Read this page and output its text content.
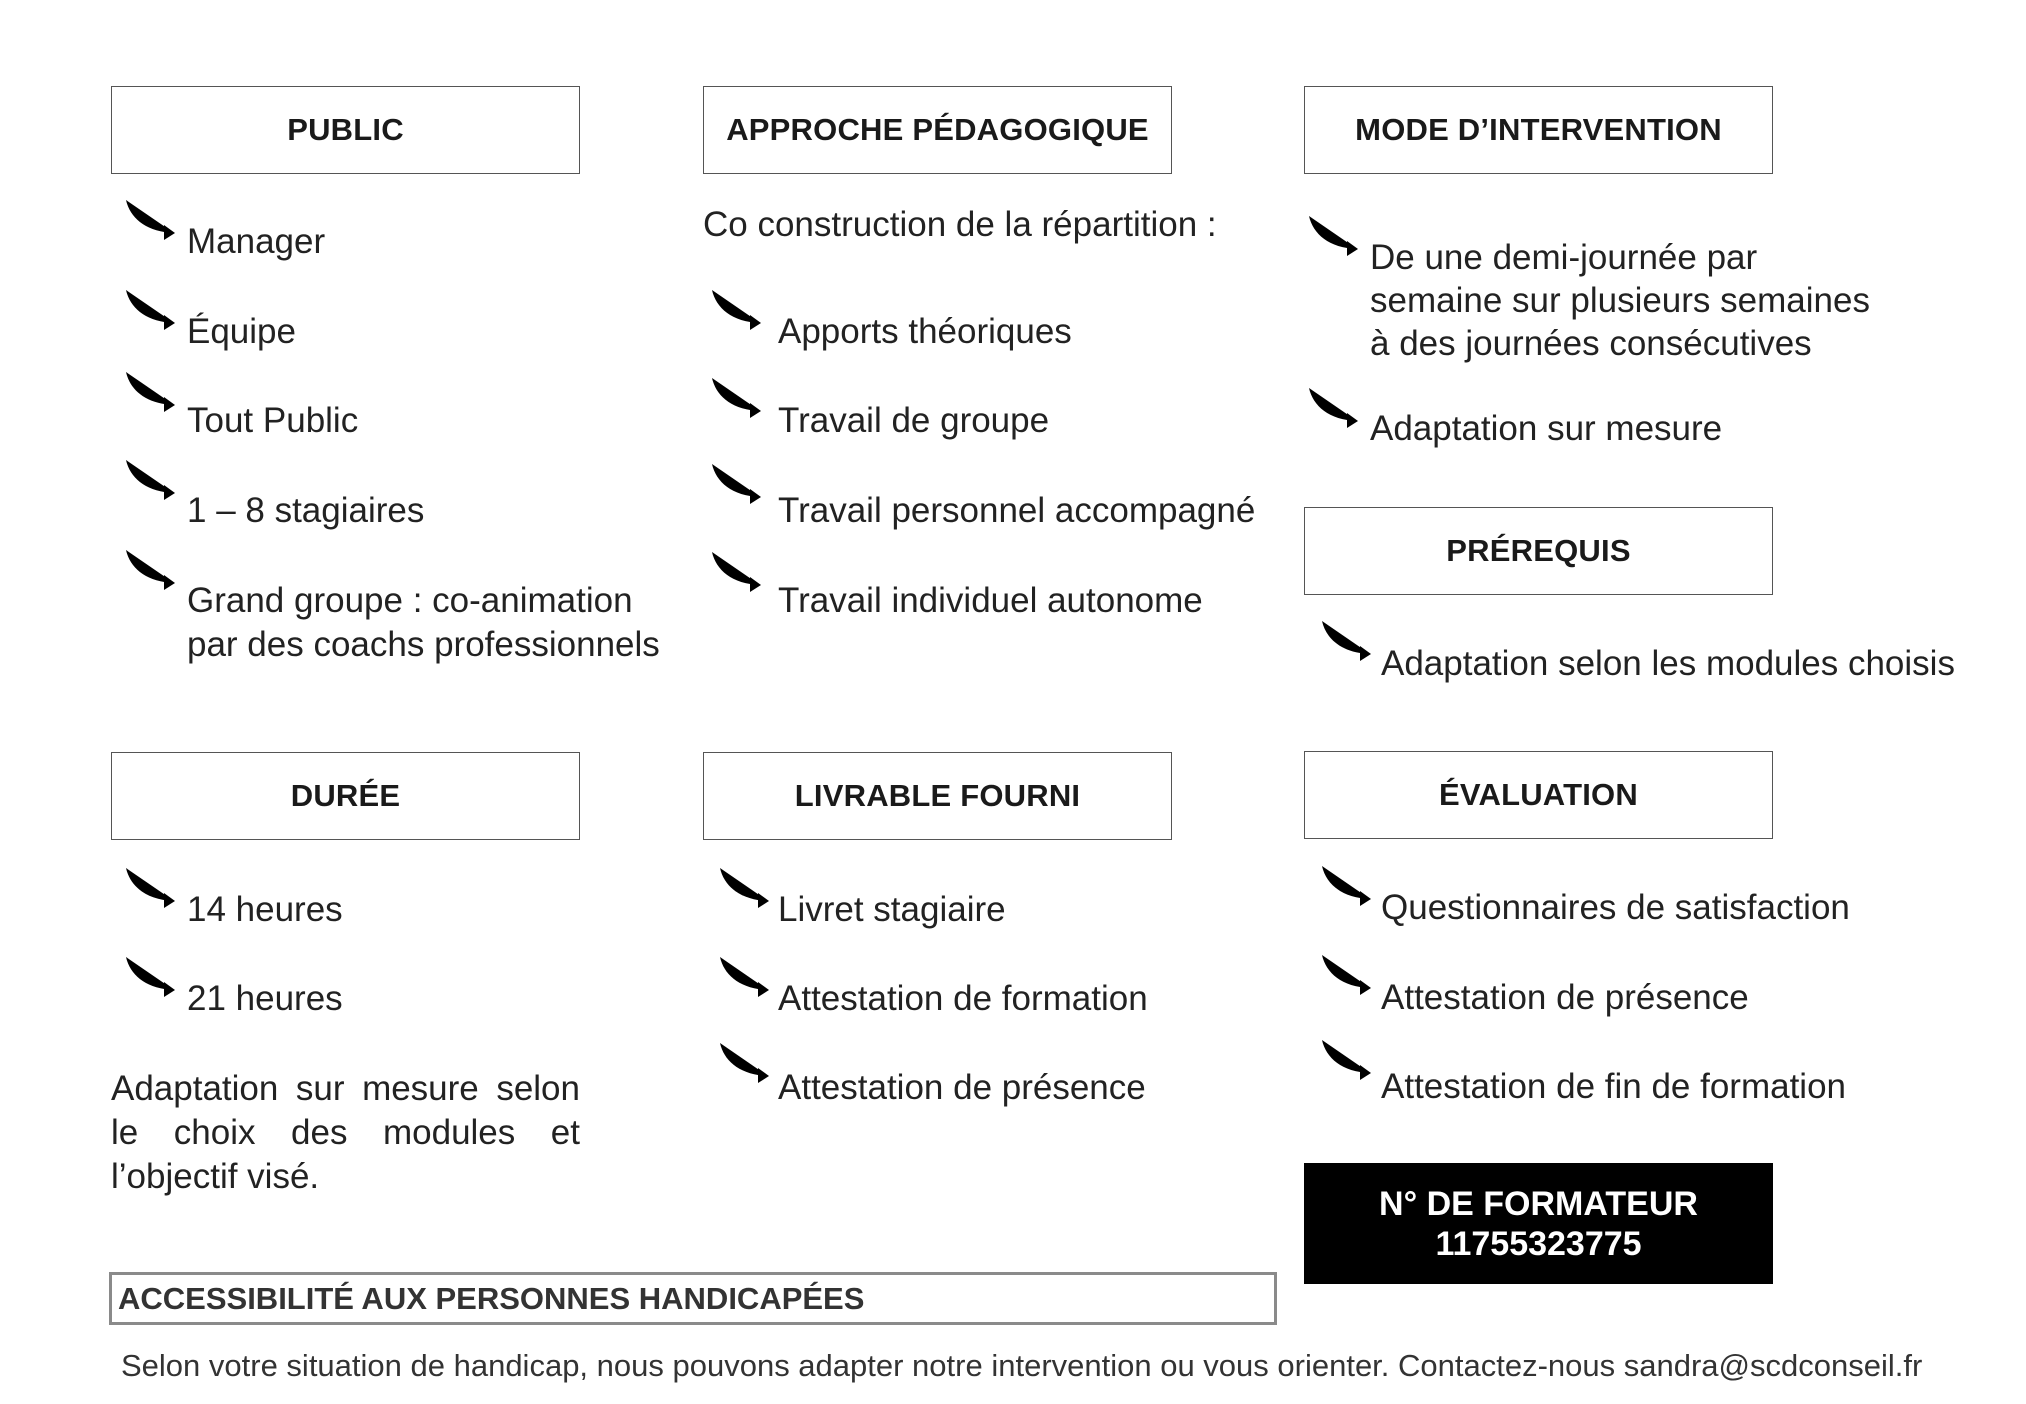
PUBLIC
Manager
Équipe
Tout Public
1 – 8 stagiaires
Grand groupe : co-animation
par des coachs professionnels
APPROCHE PÉDAGOGIQUE
Co construction de la répartition :
Apports théoriques
Travail de groupe
Travail personnel accompagné
Travail individuel autonome
MODE D’INTERVENTION
De une demi-journée par
semaine sur plusieurs semaines
à des journées consécutives
Adaptation sur mesure
PRÉREQUIS
Adaptation selon les modules choisis
DURÉE
14 heures
21 heures
Adaptation sur mesure selon le choix des modules et l’objectif visé.
LIVRABLE FOURNI
Livret stagiaire
Attestation de formation
Attestation de présence
ÉVALUATION
Questionnaires de satisfaction
Attestation de présence
Attestation de fin de formation
N° DE FORMATEUR
11755323775
ACCESSIBILITÉ AUX PERSONNES HANDICAPÉES
Selon votre situation de handicap, nous pouvons adapter notre intervention ou vous orienter. Contactez-nous sandra@scdconseil.fr
